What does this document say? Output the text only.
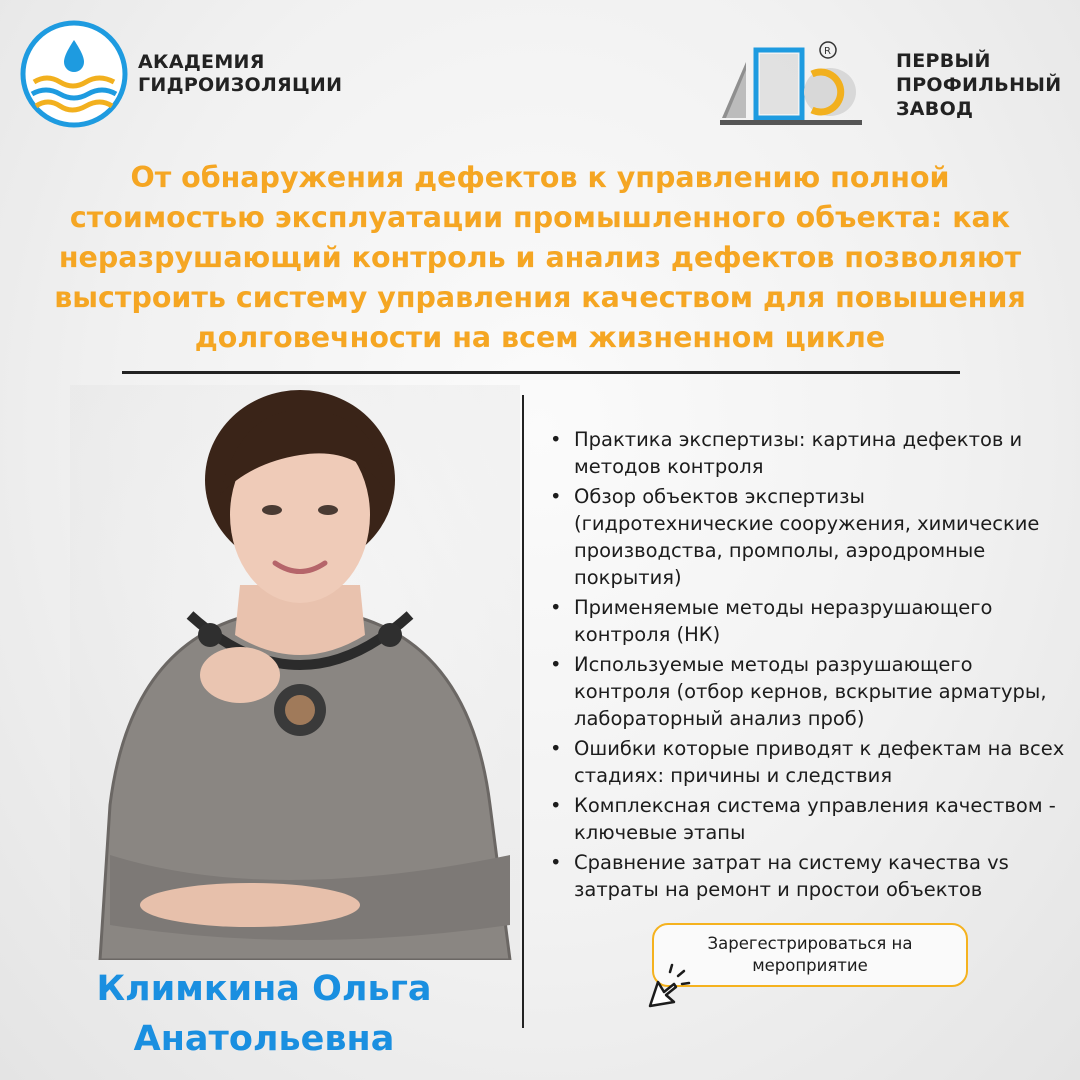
АКАДЕМИЯ ГИДРОИЗОЛЯЦИИ
R	ПЕРВЫЙ ПРОФИЛЬНЫЙ ЗАВОД

От обнаружения дефектов к управлению полной стоимостью эксплуатации промышленного объекта: как неразрушающий контроль и анализ дефектов позволяют выстроить систему управления качеством для повышения долговечности на всем жизненном цикле

Климкина Ольга Анатольевна
• Практика экспертизы: картина дефектов и методов контроля
• Обзор объектов экспертизы (гидротехнические сооружения, химические производства, промполы, аэродромные покрытия)
• Применяемые методы неразрушающего контроля (НК)
• Используемые методы разрушающего контроля (отбор кернов, вскрытие арматуры, лабораторный анализ проб)
• Ошибки которые приводят к дефектам на всех стадиях: причины и следствия
• Комплексная система управления качеством - ключевые этапы
• Сравнение затрат на систему качества vs затраты на ремонт и простои объектов
Зарегестрироваться на мероприятие
